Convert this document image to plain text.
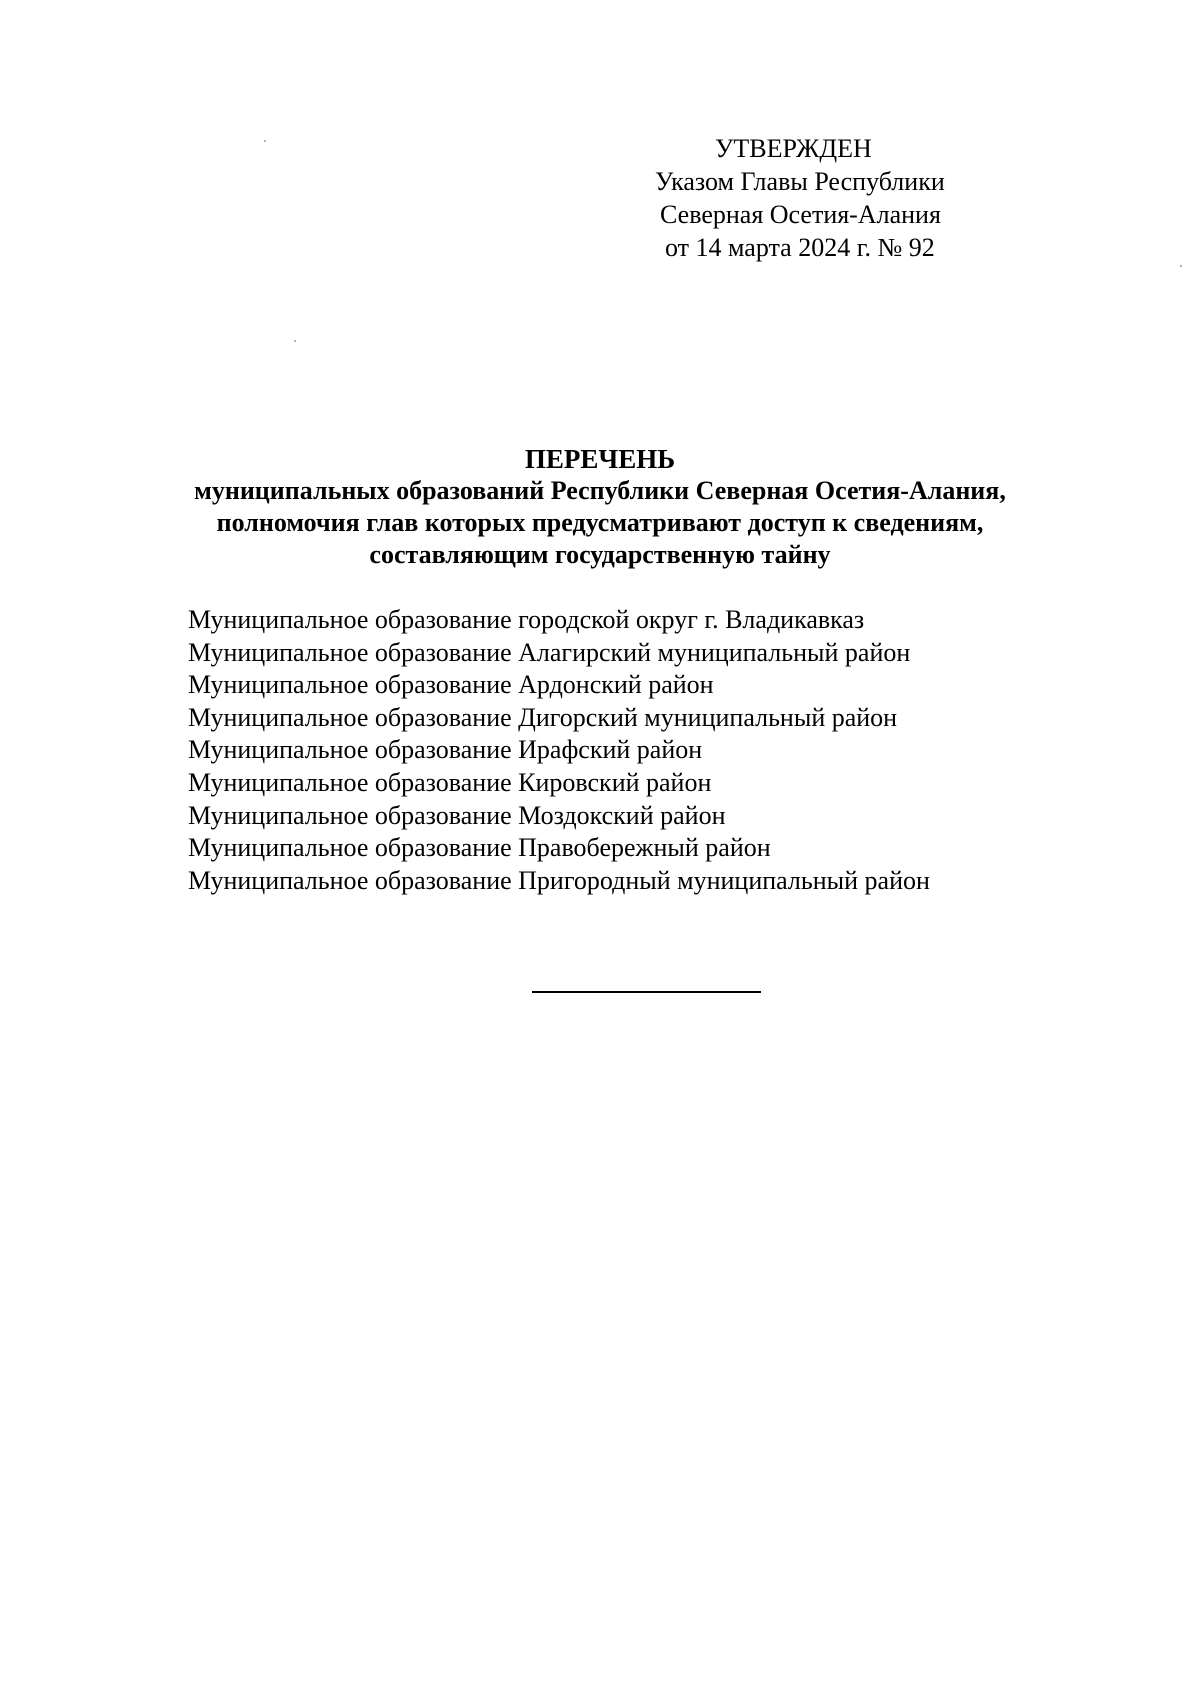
УТВЕРЖДЕН
Указом Главы Республики
Северная Осетия-Алания
от 14 марта 2024 г. № 92
ПЕРЕЧЕНЬ
муниципальных образований Республики Северная Осетия-Алания,
полномочия глав которых предусматривают доступ к сведениям,
составляющим государственную тайну
Муниципальное образование городской округ г. Владикавказ
Муниципальное образование Алагирский муниципальный район
Муниципальное образование Ардонский район
Муниципальное образование Дигорский муниципальный район
Муниципальное образование Ирафский район
Муниципальное образование Кировский район
Муниципальное образование Моздокский район
Муниципальное образование Правобережный район
Муниципальное образование Пригородный муниципальный район
